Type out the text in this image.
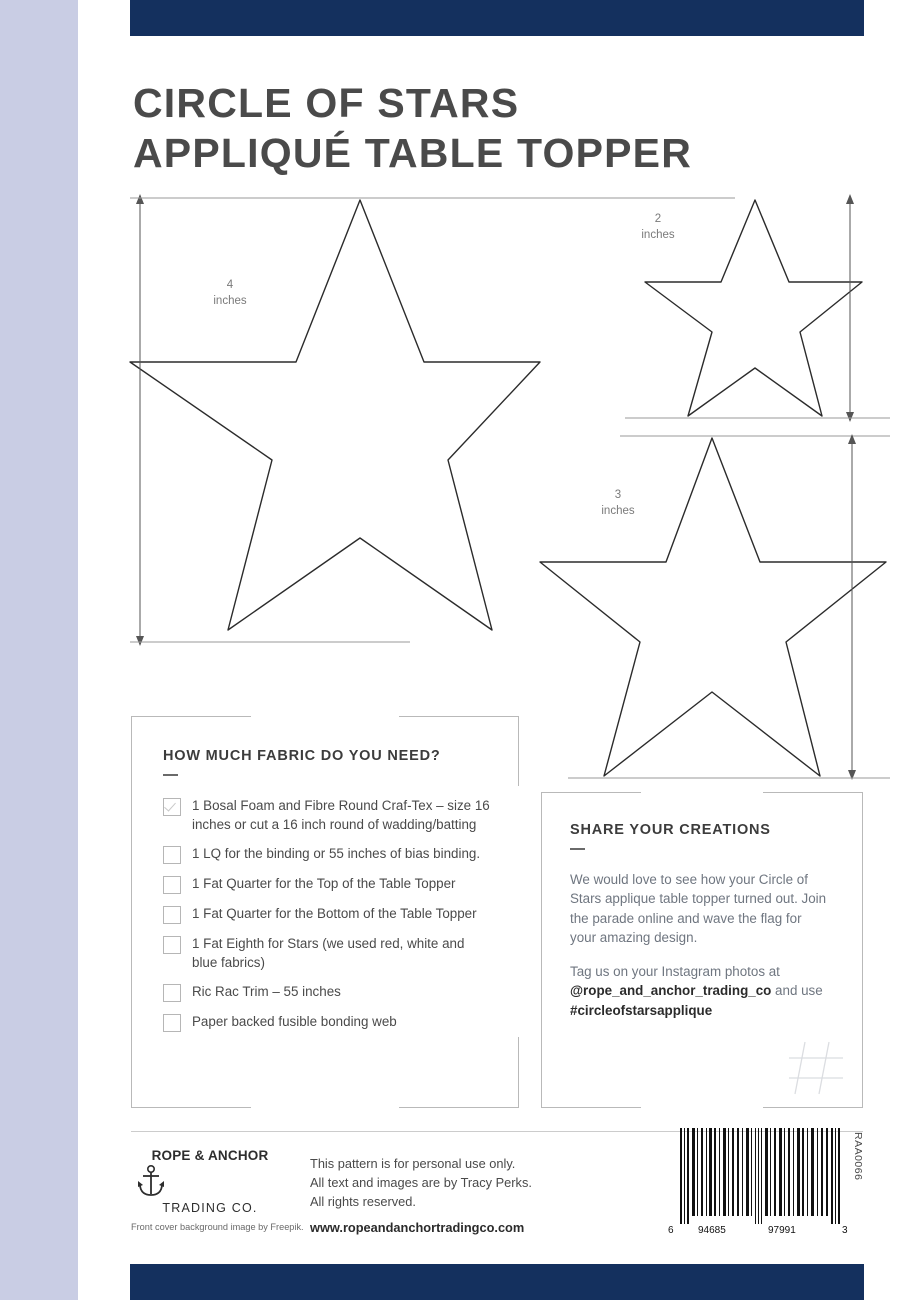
CIRCLE OF STARS
APPLIQUÉ TABLE TOPPER
4
inches
2
inches
3
inches
HOW MUCH FABRIC DO YOU NEED?
1 Bosal Foam and Fibre Round Craf-Tex – size 16 inches or cut a 16 inch round of wadding/batting
1 LQ for the binding or 55 inches of bias binding.
1 Fat Quarter for the Top of the Table Topper
1 Fat Quarter for the Bottom of the Table Topper
1 Fat Eighth for Stars (we used red, white and blue fabrics)
Ric Rac Trim – 55 inches
Paper backed fusible bonding web
SHARE YOUR CREATIONS

We would love to see how your Circle of Stars applique table topper turned out. Join the parade online and wave the flag for your amazing design.

Tag us on your Instagram photos at @rope_and_anchor_trading_co and use #circleofstarsapplique

ROPE & ANCHOR
TRADING CO.
This pattern is for personal use only.
All text and images are by Tracy Perks.
All rights reserved.
www.ropeandanchortradingco.com
Front cover background image by Freepik.	6 94685	97991	3
RAA0066
